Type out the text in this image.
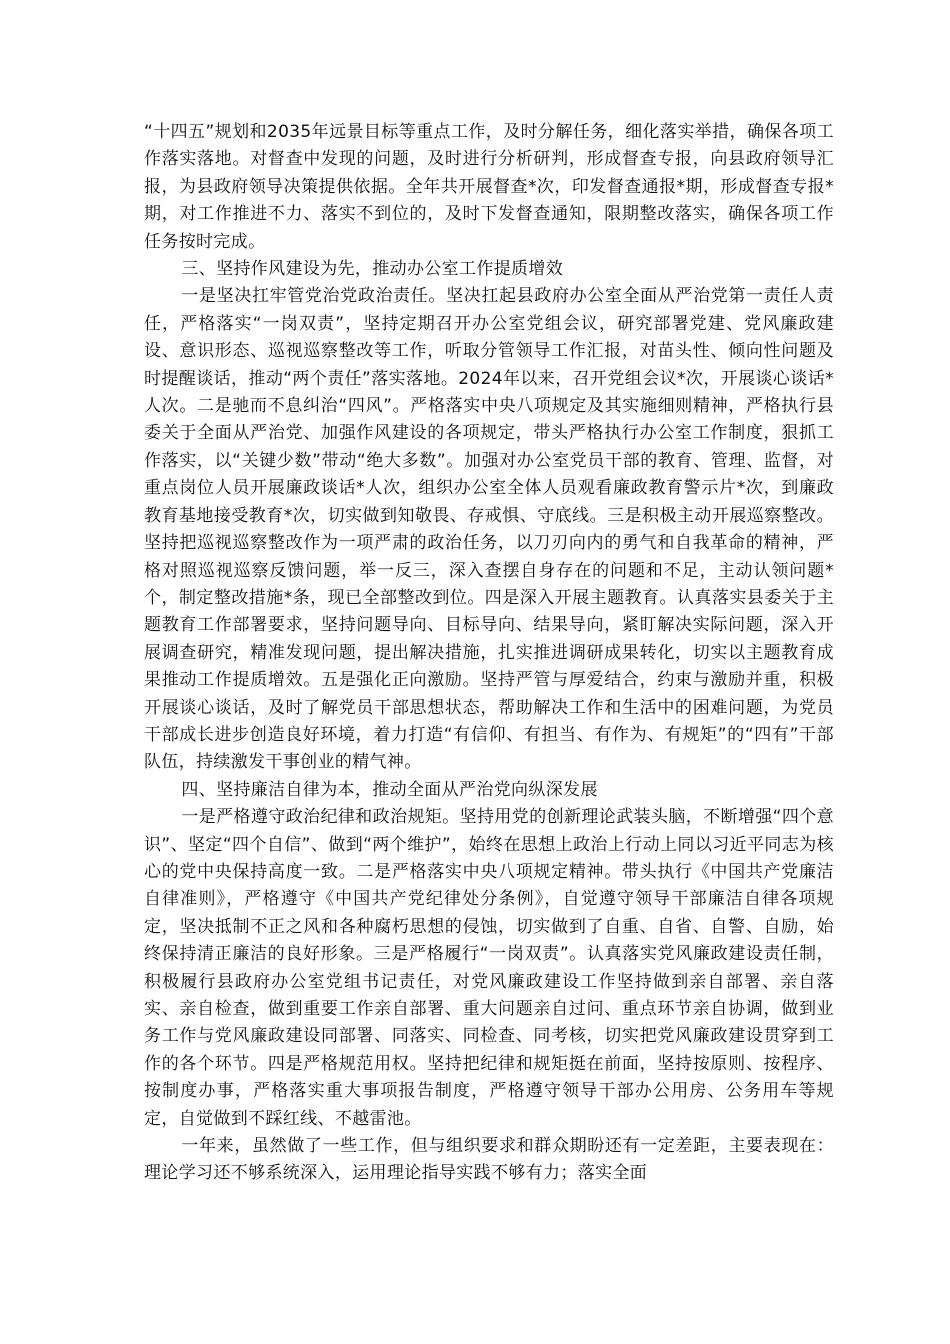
“十四五”规划和2035年远景目标等重点工作，及时分解任务，细化落实举措，确保各项工作落实落地。对督查中发现的问题，及时进行分析研判，形成督查专报，向县政府领导汇报，为县政府领导决策提供依据。全年共开展督查*次，印发督查通报*期，形成督查专报*期，对工作推进不力、落实不到位的，及时下发督查通知，限期整改落实，确保各项工作任务按时完成。

三、坚持作风建设为先，推动办公室工作提质增效

一是坚决扛牢管党治党政治责任。坚决扛起县政府办公室全面从严治党第一责任人责任，严格落实“一岗双责”，坚持定期召开办公室党组会议，研究部署党建、党风廉政建设、意识形态、巡视巡察整改等工作，听取分管领导工作汇报，对苗头性、倾向性问题及时提醒谈话，推动“两个责任”落实落地。2024年以来，召开党组会议*次，开展谈心谈话*人次。二是驰而不息纠治“四风”。严格落实中央八项规定及其实施细则精神，严格执行县委关于全面从严治党、加强作风建设的各项规定，带头严格执行办公室工作制度，狠抓工作落实，以“关键少数”带动“绝大多数”。加强对办公室党员干部的教育、管理、监督，对重点岗位人员开展廉政谈话*人次，组织办公室全体人员观看廉政教育警示片*次，到廉政教育基地接受教育*次，切实做到知敬畏、存戒惧、守底线。三是积极主动开展巡察整改。坚持把巡视巡察整改作为一项严肃的政治任务，以刀刃向内的勇气和自我革命的精神，严格对照巡视巡察反馈问题，举一反三，深入查摆自身存在的问题和不足，主动认领问题*个，制定整改措施*条，现已全部整改到位。四是深入开展主题教育。认真落实县委关于主题教育工作部署要求，坚持问题导向、目标导向、结果导向，紧盯解决实际问题，深入开展调查研究，精准发现问题，提出解决措施，扎实推进调研成果转化，切实以主题教育成果推动工作提质增效。五是强化正向激励。坚持严管与厚爱结合，约束与激励并重，积极开展谈心谈话，及时了解党员干部思想状态，帮助解决工作和生活中的困难问题，为党员干部成长进步创造良好环境，着力打造“有信仰、有担当、有作为、有规矩”的“四有”干部队伍，持续激发干事创业的精气神。

四、坚持廉洁自律为本，推动全面从严治党向纵深发展

一是严格遵守政治纪律和政治规矩。坚持用党的创新理论武装头脑，不断增强“四个意识”、坚定“四个自信”、做到“两个维护”，始终在思想上政治上行动上同以习近平同志为核心的党中央保持高度一致。二是严格落实中央八项规定精神。带头执行《中国共产党廉洁自律准则》，严格遵守《中国共产党纪律处分条例》，自觉遵守领导干部廉洁自律各项规定，坚决抵制不正之风和各种腐朽思想的侵蚀，切实做到了自重、自省、自警、自励，始终保持清正廉洁的良好形象。三是严格履行“一岗双责”。认真落实党风廉政建设责任制，积极履行县政府办公室党组书记责任，对党风廉政建设工作坚持做到亲自部署、亲自落实、亲自检查，做到重要工作亲自部署、重大问题亲自过问、重点环节亲自协调，做到业务工作与党风廉政建设同部署、同落实、同检查、同考核，切实把党风廉政建设贯穿到工作的各个环节。四是严格规范用权。坚持把纪律和规矩挺在前面，坚持按原则、按程序、按制度办事，严格落实重大事项报告制度，严格遵守领导干部办公用房、公务用车等规定，自觉做到不踩红线、不越雷池。

一年来，虽然做了一些工作，但与组织要求和群众期盼还有一定差距，主要表现在：理论学习还不够系统深入，运用理论指导实践不够有力；落实全面
